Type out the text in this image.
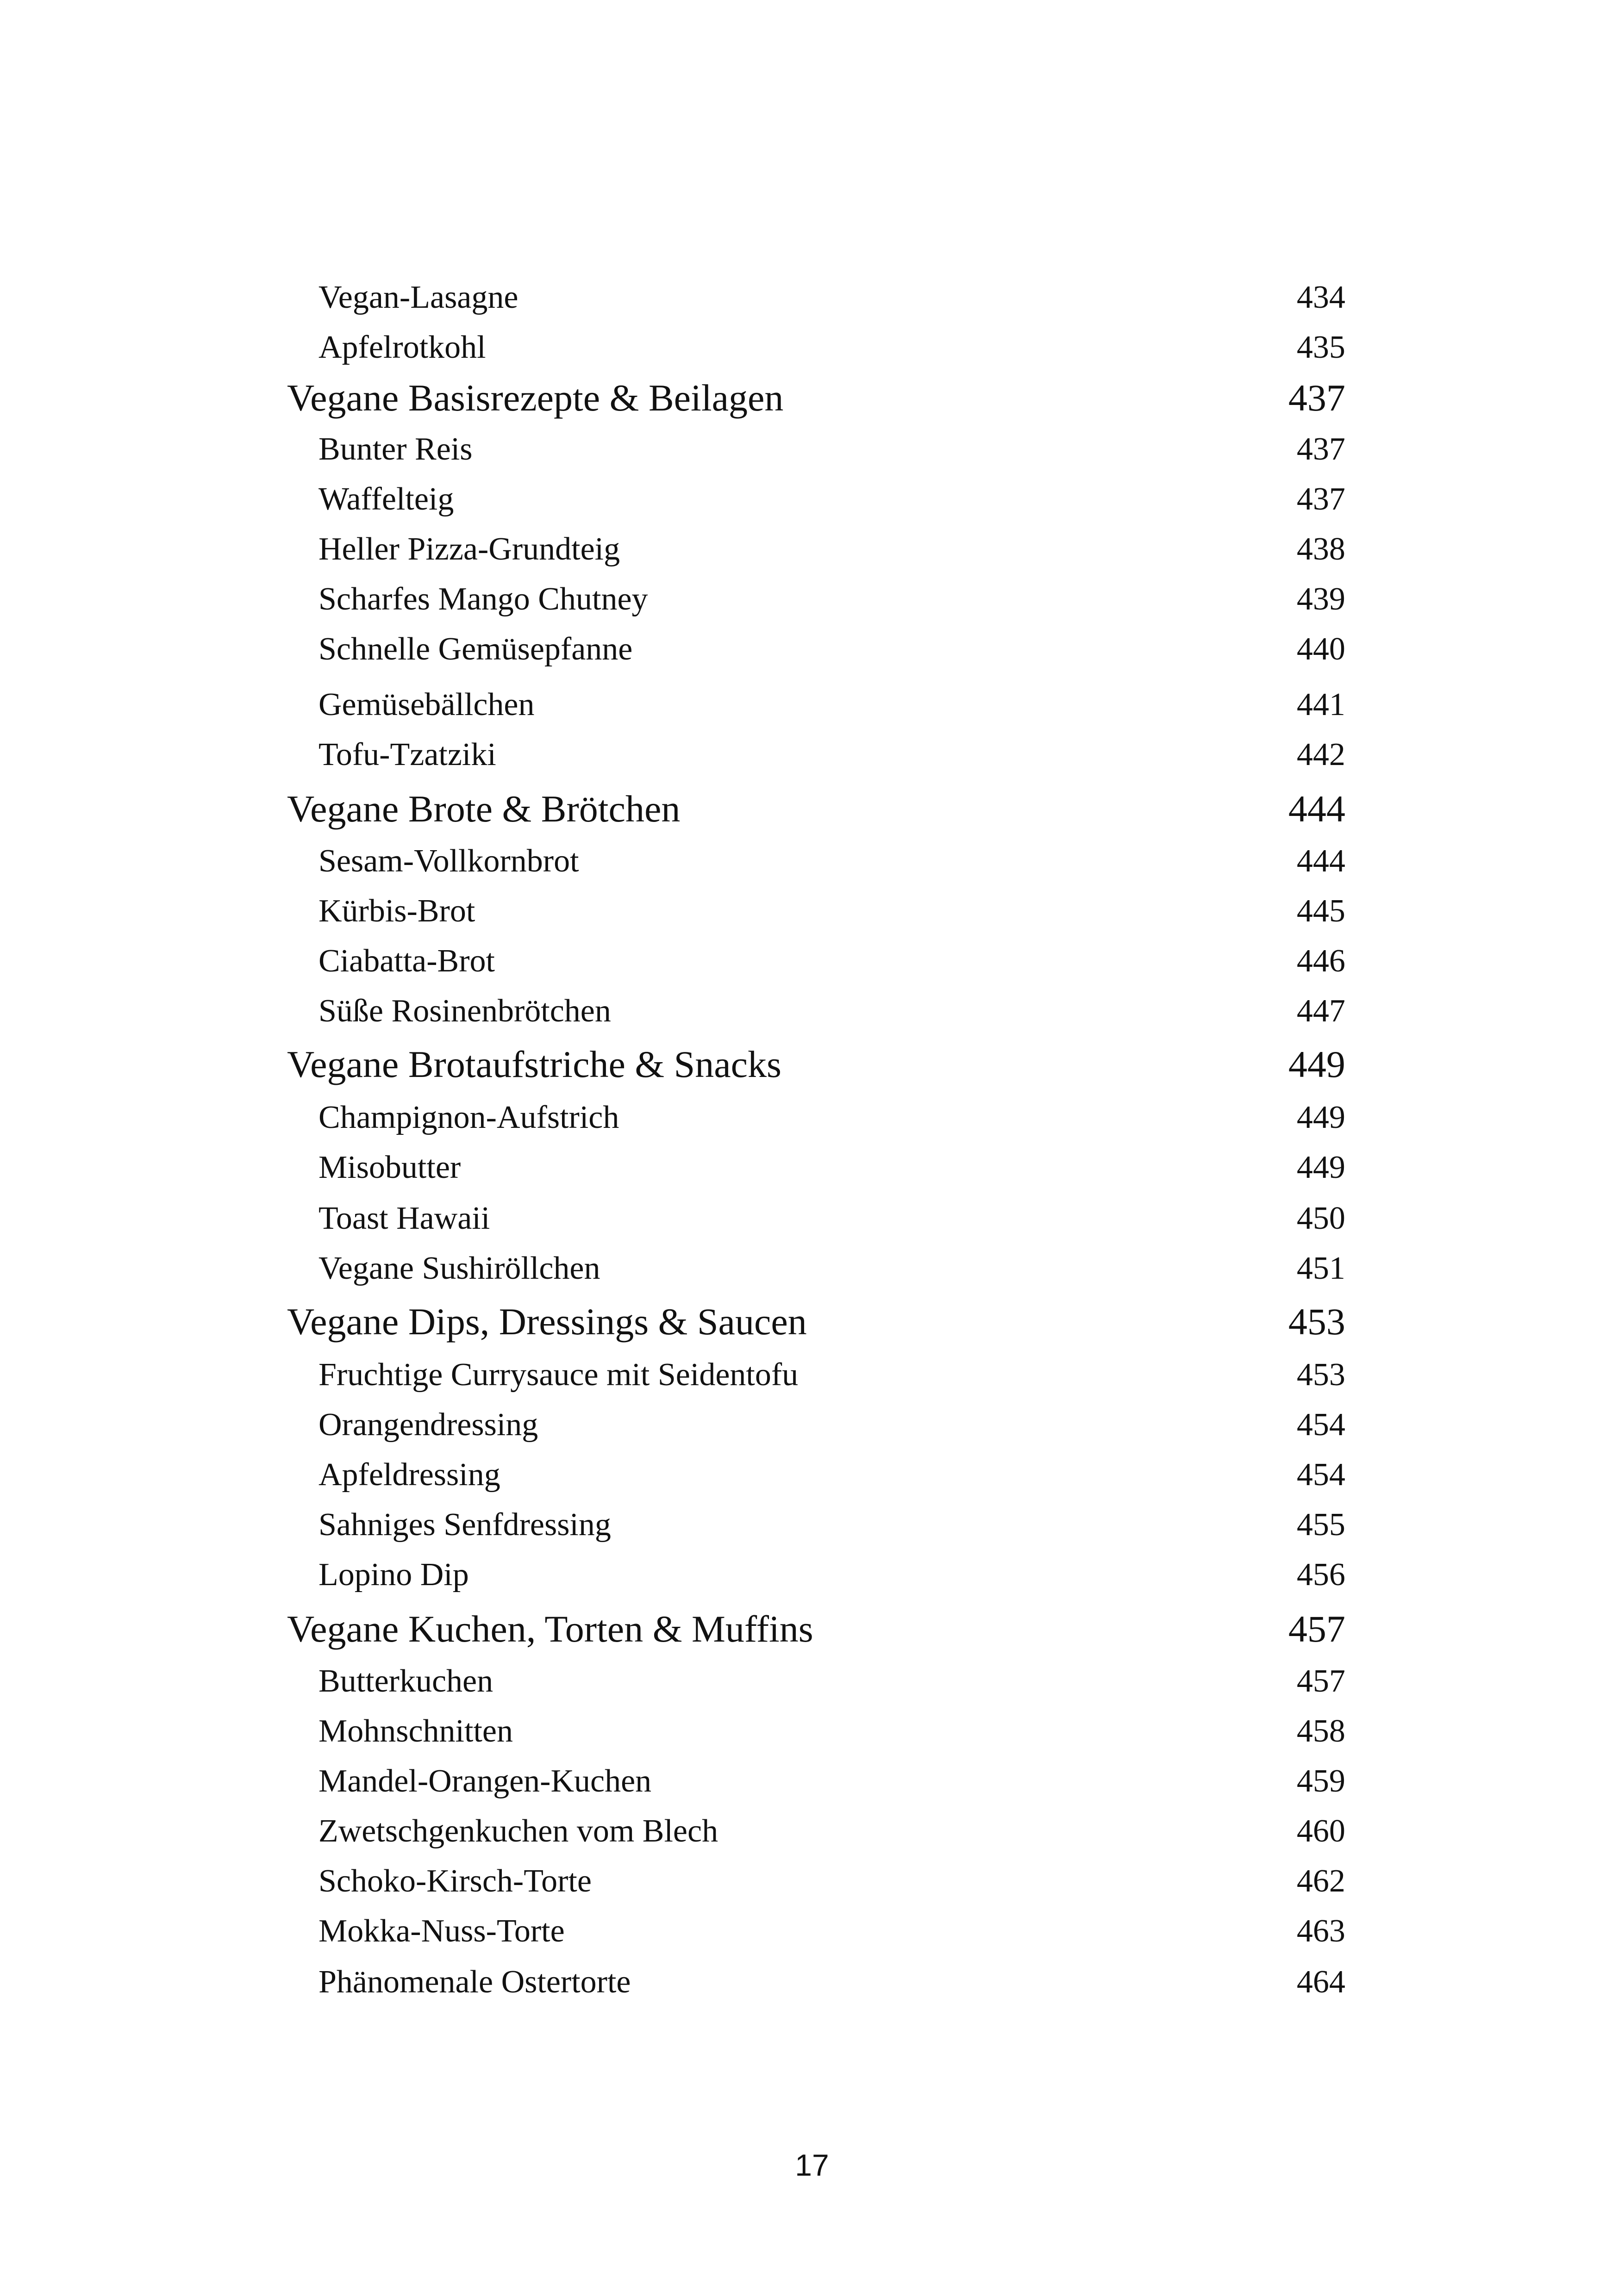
Vegan-Lasagne	434
Apfelrotkohl	435
Vegane Basisrezepte & Beilagen	437
Bunter Reis	437
Waffelteig	437
Heller Pizza-Grundteig	438
Scharfes Mango Chutney	439
Schnelle Gemüsepfanne	440
Gemüsebällchen	441
Tofu-Tzatziki	442
Vegane Brote & Brötchen	444
Sesam-Vollkornbrot	444
Kürbis-Brot	445
Ciabatta-Brot	446
Süße Rosinenbrötchen	447
Vegane Brotaufstriche & Snacks	449
Champignon-Aufstrich	449
Misobutter	449
Toast Hawaii	450
Vegane Sushiröllchen	451
Vegane Dips, Dressings & Saucen	453
Fruchtige Currysauce mit Seidentofu	453
Orangendressing	454
Apfeldressing	454
Sahniges Senfdressing	455
Lopino Dip	456
Vegane Kuchen, Torten & Muffins	457
Butterkuchen	457
Mohnschnitten	458
Mandel-Orangen-Kuchen	459
Zwetschgenkuchen vom Blech	460
Schoko-Kirsch-Torte	462
Mokka-Nuss-Torte	463
Phänomenale Ostertorte	464
17
